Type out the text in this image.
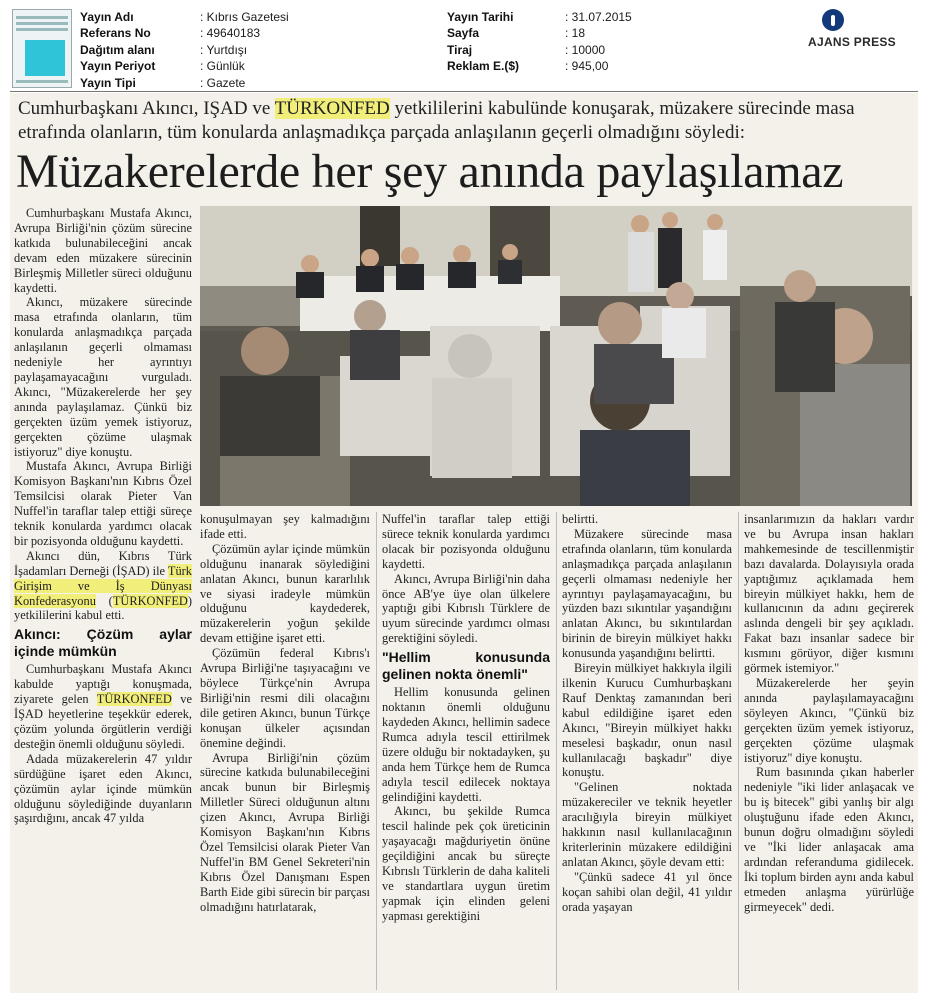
Yayın Adı	: Kıbrıs Gazetesi
Referans No	: 49640183
Dağıtım alanı	: Yurtdışı
Yayın Periyot	: Günlük
Yayın Tipi	: Gazete
Yayın Tarihi	: 31.07.2015
Sayfa	: 18
Tiraj	: 10000
Reklam E.($)	: 945,00
AJANS PRESS
Cumhurbaşkanı Akıncı, IŞAD ve TÜRKONFED yetkililerini kabulünde konuşarak, müzakere sürecinde masa etrafında olanların, tüm konularda anlaşmadıkça parçada anlaşılanın geçerli olmadığını söyledi:
Müzakerelerde her şey anında paylaşılamaz

Cumhurbaşkanı Mustafa Akıncı, Avrupa Birliği'nin çözüm sürecine katkıda bulunabileceğini ancak devam eden müzakere sürecinin Birleşmiş Milletler süreci olduğunu kaydetti.

Akıncı, müzakere sürecinde masa etrafında olanların, tüm konularda anlaşmadıkça parçada anlaşılanın geçerli olmaması nedeniyle her ayrıntıyı paylaşamayacağını vurguladı. Akıncı, "Müzakerelerde her şey anında paylaşılamaz. Çünkü biz gerçekten üzüm yemek istiyoruz, gerçekten çözüme ulaşmak istiyoruz" diye konuştu.

Mustafa Akıncı, Avrupa Birliği Komisyon Başkanı'nın Kıbrıs Özel Temsilcisi olarak Pieter Van Nuffel'in taraflar talep ettiği süreçe teknik konularda yardımcı olacak bir pozisyonda olduğunu kaydetti.

Akıncı dün, Kıbrıs Türk İşadamları Derneği (İŞAD) ile Türk Girişim ve İş Dünyası Konfederasyonu (TÜRKONFED) yetkililerini kabul etti.

Akıncı: Çözüm aylar içinde mümkün

Cumhurbaşkanı Mustafa Akıncı kabulde yaptığı konuşmada, ziyarete gelen TÜRKONFED ve İŞAD heyetlerine teşekkür ederek, çözüm yolunda örgütlerin verdiği desteğin önemli olduğunu söyledi.

Adada müzakerelerin 47 yıldır sürdüğüne işaret eden Akıncı, çözümün aylar içinde mümkün olduğunu söylediğinde duyanların şaşırdığını, ancak 47 yılda

konuşulmayan şey kalmadığını ifade etti.

Çözümün aylar içinde mümkün olduğunu inanarak söylediğini anlatan Akıncı, bunun kararlılık ve siyasi iradeyle mümkün olduğunu kaydederek, müzakerelerin yoğun şekilde devam ettiğine işaret etti.

Çözümün federal Kıbrıs'ı Avrupa Birliği'ne taşıyacağını ve böylece Türkçe'nin Avrupa Birliği'nin resmi dili olacağını dile getiren Akıncı, bunun Türkçe konuşan ülkeler açısından önemine değindi.

Avrupa Birliği'nin çözüm sürecine katkıda bulunabileceğini ancak bunun bir Birleşmiş Milletler Süreci olduğunun altını çizen Akıncı, Avrupa Birliği Komisyon Başkanı'nın Kıbrıs Özel Temsilcisi olarak Pieter Van Nuffel'in BM Genel Sekreteri'nin Kıbrıs Özel Danışmanı Espen Barth Eide gibi sürecin bir parçası olmadığını hatırlatarak,

Nuffel'in taraflar talep ettiği sürece teknik konularda yardımcı olacak bir pozisyonda olduğunu kaydetti.

Akıncı, Avrupa Birliği'nin daha önce AB'ye üye olan ülkelere yaptığı gibi Kıbrıslı Türklere de uyum sürecinde yardımcı olması gerektiğini söyledi.

"Hellim konusunda gelinen nokta önemli"

Hellim konusunda gelinen noktanın önemli olduğunu kaydeden Akıncı, hellimin sadece Rumca adıyla tescil ettirilmek üzere olduğu bir noktadayken, şu anda hem Türkçe hem de Rumca adıyla tescil edilecek noktaya gelindiğini kaydetti.

Akıncı, bu şekilde Rumca tescil halinde pek çok üreticinin yaşayacağı mağduriyetin önüne geçildiğini ancak bu süreçte Kıbrıslı Türklerin de daha kaliteli ve standartlara uygun üretim yapmak için elinden geleni yapması gerektiğini

belirtti.

Müzakere sürecinde masa etrafında olanların, tüm konularda anlaşmadıkça parçada anlaşılanın geçerli olmaması nedeniyle her ayrıntıyı paylaşamayacağını, bu yüzden bazı sıkıntılar yaşandığını anlatan Akıncı, bu sıkıntılardan birinin de bireyin mülkiyet hakkı konusunda yaşandığını belirtti.

Bireyin mülkiyet hakkıyla ilgili ilkenin Kurucu Cumhurbaşkanı Rauf Denktaş zamanından beri kabul edildiğine işaret eden Akıncı, "Bireyin mülkiyet hakkı meselesi başkadır, onun nasıl kullanılacağı başkadır" diye konuştu.

"Gelinen noktada müzakereciler ve teknik heyetler aracılığıyla bireyin mülkiyet hakkının nasıl kullanılacağının kriterlerinin müzakere edildiğini anlatan Akıncı, şöyle devam etti:

"Çünkü sadece 41 yıl önce koçan sahibi olan değil, 41 yıldır orada yaşayan

insanlarımızın da hakları vardır ve bu Avrupa insan hakları mahkemesinde de tescillenmiştir bazı davalarda. Dolayısıyla orada yaptığımız açıklamada hem bireyin mülkiyet hakkı, hem de kullanıcının da adını geçirerek aslında dengeli bir şey açıkladı. Fakat bazı insanlar sadece bir kısmını görüyor, diğer kısmını görmek istemiyor."

Müzakerelerde her şeyin anında paylaşılamayacağını söyleyen Akıncı, "Çünkü biz gerçekten üzüm yemek istiyoruz, gerçekten çözüme ulaşmak istiyoruz" diye konuştu.

Rum basınında çıkan haberler nedeniyle "iki lider anlaşacak ve bu iş bitecek" gibi yanlış bir algı oluştuğunu ifade eden Akıncı, bunun doğru olmadığını söyledi ve "İki lider anlaşacak ama ardından referanduma gidilecek. İki toplum birden aynı anda kabul etmeden anlaşma yürürlüğe girmeyecek" dedi.
